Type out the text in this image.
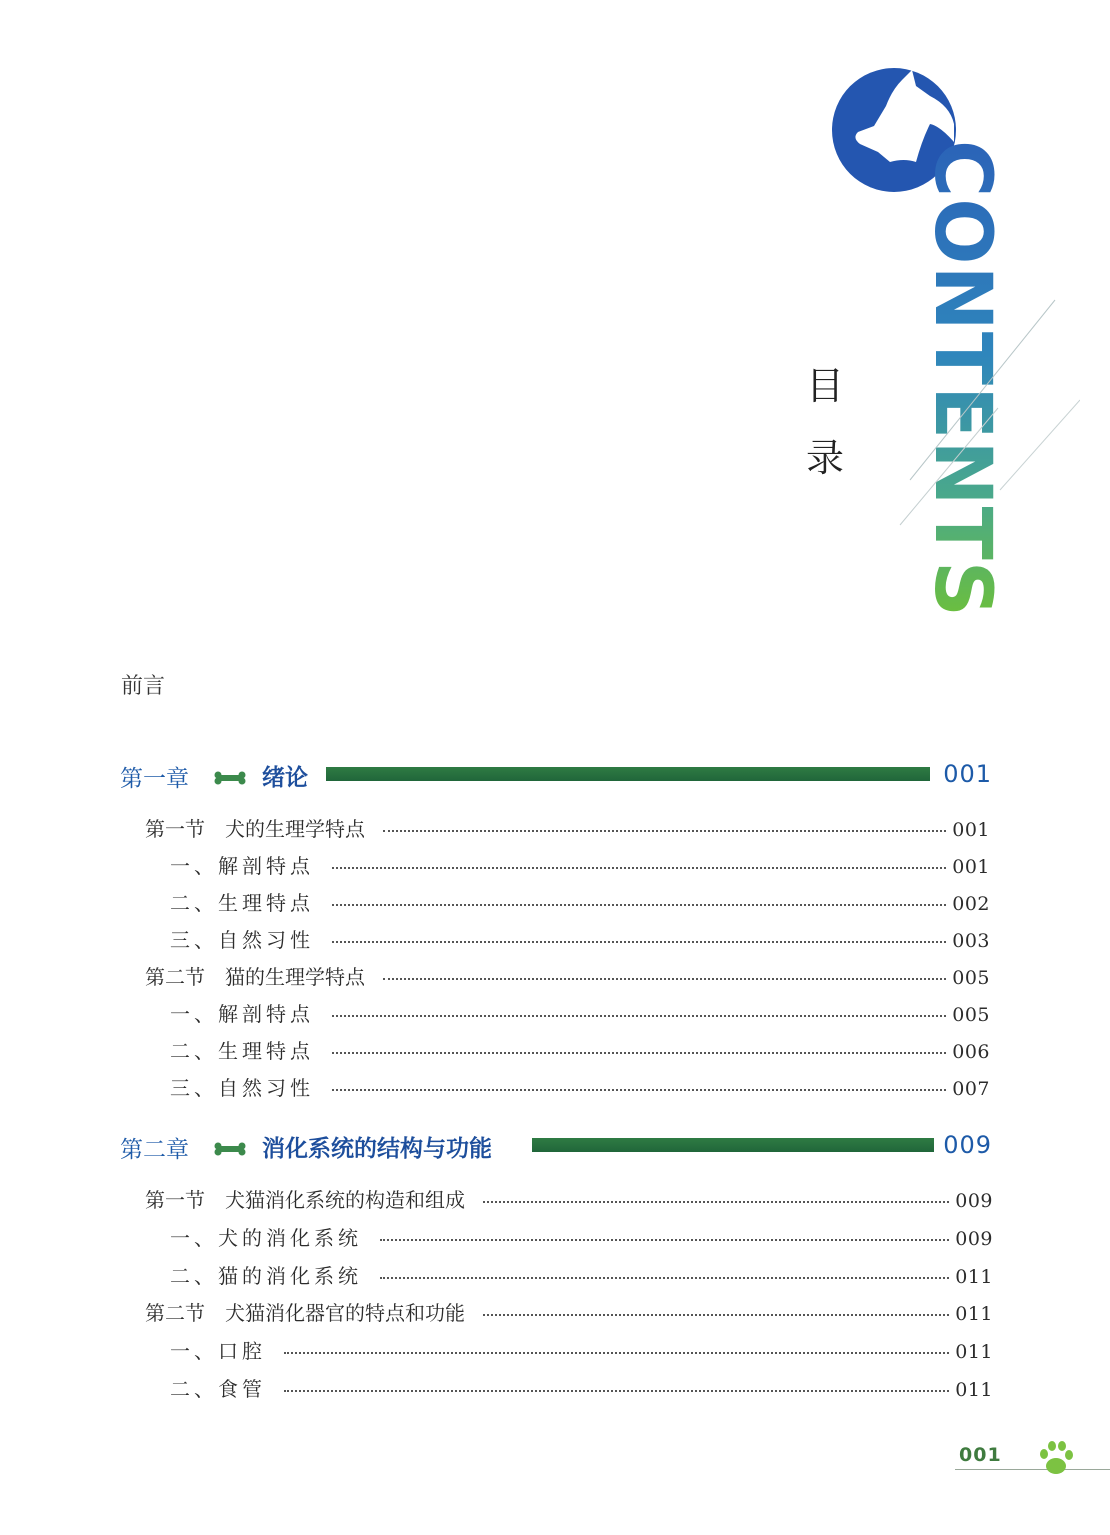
CONTENTS
目
录
前言
第一章	绪论	001
第一节　犬的生理学特点	001
一、解剖特点	001
二、生理特点	002
三、自然习性	003
第二节　猫的生理学特点	005
一、解剖特点	005
二、生理特点	006
三、自然习性	007
第二章	消化系统的结构与功能	009
第一节　犬猫消化系统的构造和组成	009
一、犬的消化系统	009
二、猫的消化系统	011
第二节　犬猫消化器官的特点和功能	011
一、口腔	011
二、食管	011
001
